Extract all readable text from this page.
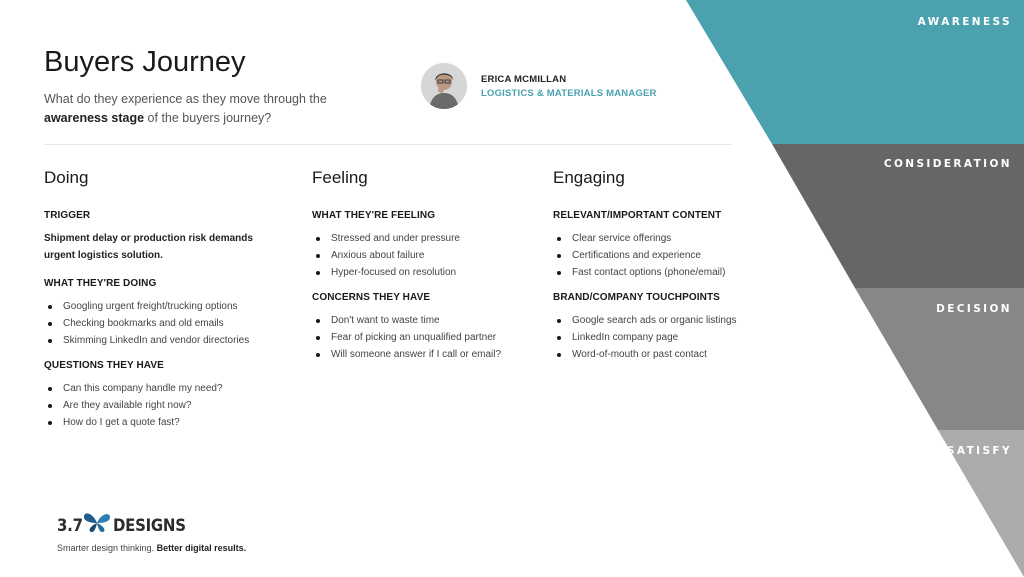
AWARENESS
CONSIDERATION
DECISION
SATISFY
Buyers Journey
What do they experience as they move through the awareness stage of the buyers journey?
ERICA MCMILLAN
LOGISTICS & MATERIALS MANAGER
Doing
TRIGGER
Shipment delay or production risk demands urgent logistics solution.
WHAT THEY'RE DOING
Googling urgent freight/trucking options
Checking bookmarks and old emails
Skimming LinkedIn and vendor directories
QUESTIONS THEY HAVE
Can this company handle my need?
Are they available right now?
How do I get a quote fast?
Feeling
WHAT THEY'RE FEELING
Stressed and under pressure
Anxious about failure
Hyper-focused on resolution
CONCERNS THEY HAVE
Don't want to waste time
Fear of picking an unqualified partner
Will someone answer if I call or email?
Engaging
RELEVANT/IMPORTANT CONTENT
Clear service offerings
Certifications and experience
Fast contact options (phone/email)
BRAND/COMPANY TOUCHPOINTS
Google search ads or organic listings
LinkedIn company page
Word-of-mouth or past contact
3.7 DESIGNS
Smarter design thinking. Better digital results.
